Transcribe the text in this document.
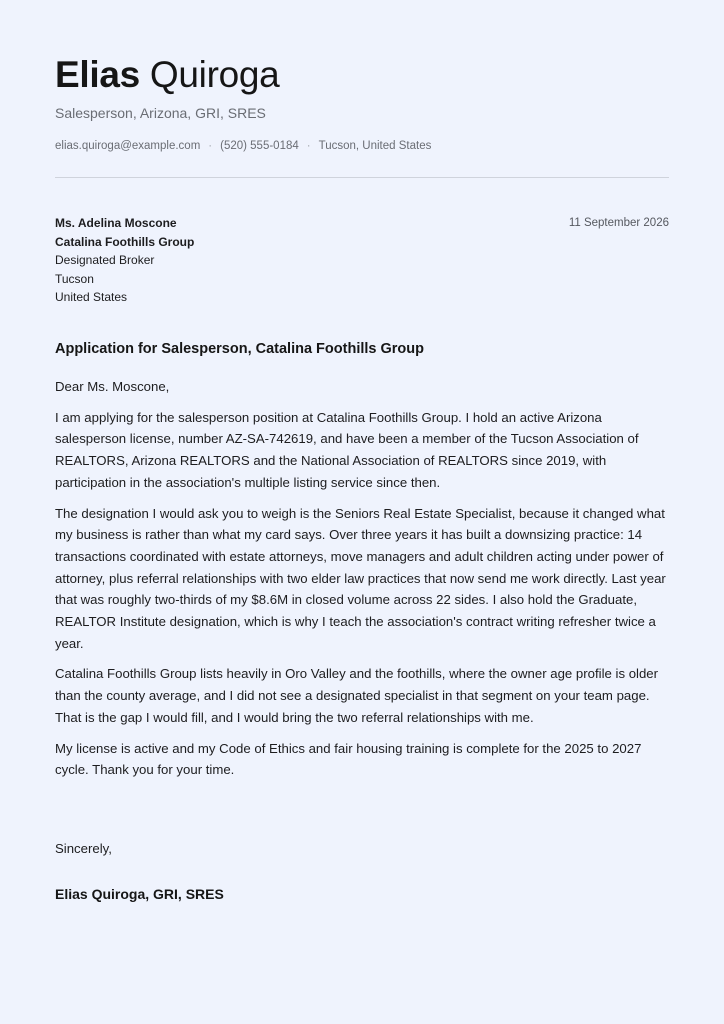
Elias Quiroga
Salesperson, Arizona, GRI, SRES
elias.quiroga@example.com · (520) 555-0184 · Tucson, United States
Ms. Adelina Moscone
Catalina Foothills Group
Designated Broker
Tucson
United States
11 September 2026
Application for Salesperson, Catalina Foothills Group

Dear Ms. Moscone,

I am applying for the salesperson position at Catalina Foothills Group. I hold an active Arizona salesperson license, number AZ-SA-742619, and have been a member of the Tucson Association of REALTORS, Arizona REALTORS and the National Association of REALTORS since 2019, with participation in the association's multiple listing service since then.

The designation I would ask you to weigh is the Seniors Real Estate Specialist, because it changed what my business is rather than what my card says. Over three years it has built a downsizing practice: 14 transactions coordinated with estate attorneys, move managers and adult children acting under power of attorney, plus referral relationships with two elder law practices that now send me work directly. Last year that was roughly two-thirds of my $8.6M in closed volume across 22 sides. I also hold the Graduate, REALTOR Institute designation, which is why I teach the association's contract writing refresher twice a year.

Catalina Foothills Group lists heavily in Oro Valley and the foothills, where the owner age profile is older than the county average, and I did not see a designated specialist in that segment on your team page. That is the gap I would fill, and I would bring the two referral relationships with me.

My license is active and my Code of Ethics and fair housing training is complete for the 2025 to 2027 cycle. Thank you for your time.

Sincerely,
Elias Quiroga, GRI, SRES
